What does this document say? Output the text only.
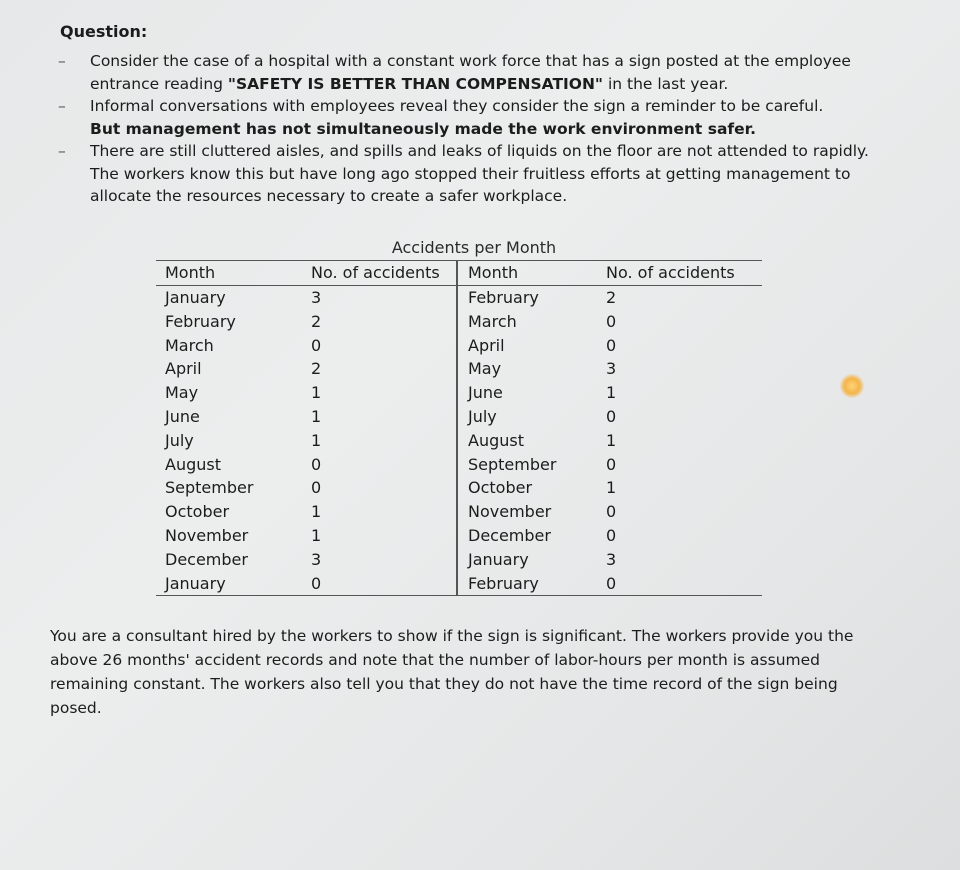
Question:

– Consider the case of a hospital with a constant work force that has a sign posted at the employee entrance reading "SAFETY IS BETTER THAN COMPENSATION" in the last year.

– Informal conversations with employees reveal they consider the sign a reminder to be careful.
But management has not simultaneously made the work environment safer.

– There are still cluttered aisles, and spills and leaks of liquids on the floor are not attended to rapidly. The workers know this but have long ago stopped their fruitless efforts at getting management to allocate the resources necessary to create a safer workplace.

Accidents per Month
Month	No. of accidents	Month	No. of accidents
January	3	February	2
February	2	March	0
March	0	April	0
April	2	May	3
May	1	June	1
June	1	July	0
July	1	August	1
August	0	September	0
September	0	October	1
October	1	November	0
November	1	December	0
December	3	January	3
January	0	February	0
You are a consultant hired by the workers to show if the sign is significant. The workers provide you the above 26 months' accident records and note that the number of labor-hours per month is assumed remaining constant. The workers also tell you that they do not have the time record of the sign being posed.
